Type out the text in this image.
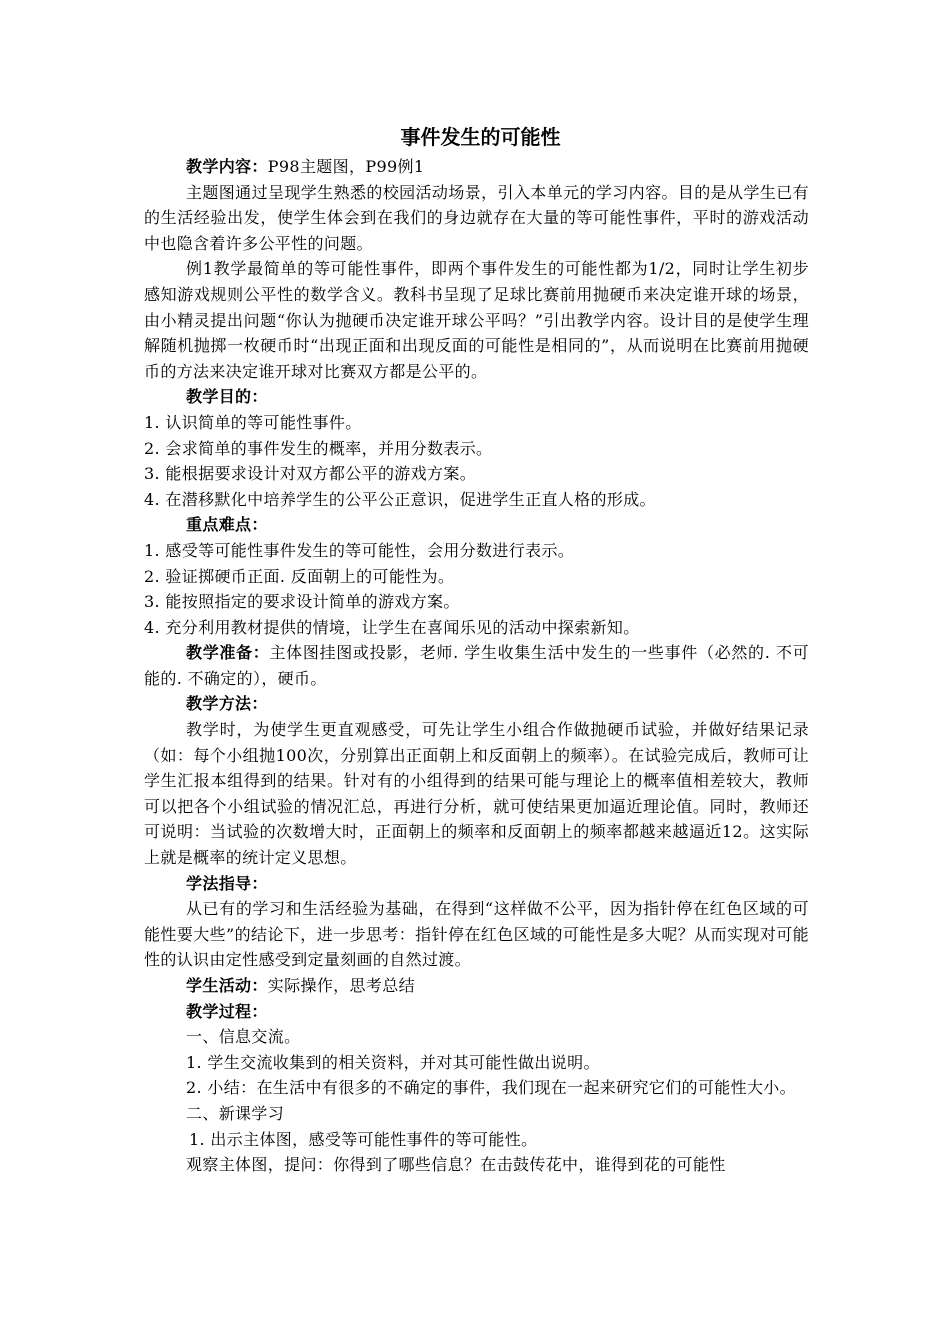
事件发生的可能性

教学内容：P98主题图，P99例1

主题图通过呈现学生熟悉的校园活动场景，引入本单元的学习内容。目的是从学生已有的生活经验出发，使学生体会到在我们的身边就存在大量的等可能性事件，平时的游戏活动中也隐含着许多公平性的问题。

例1教学最简单的等可能性事件，即两个事件发生的可能性都为1/2，同时让学生初步感知游戏规则公平性的数学含义。教科书呈现了足球比赛前用抛硬币来决定谁开球的场景，由小精灵提出问题“你认为抛硬币决定谁开球公平吗？”引出教学内容。设计目的是使学生理解随机抛掷一枚硬币时“出现正面和出现反面的可能性是相同的”，从而说明在比赛前用抛硬币的方法来决定谁开球对比赛双方都是公平的。

教学目的：

1. 认识简单的等可能性事件。

2. 会求简单的事件发生的概率，并用分数表示。

3. 能根据要求设计对双方都公平的游戏方案。

4. 在潜移默化中培养学生的公平公正意识，促进学生正直人格的形成。

重点难点：

1. 感受等可能性事件发生的等可能性，会用分数进行表示。

2. 验证掷硬币正面. 反面朝上的可能性为。

3. 能按照指定的要求设计简单的游戏方案。

4. 充分利用教材提供的情境，让学生在喜闻乐见的活动中探索新知。

教学准备：主体图挂图或投影，老师. 学生收集生活中发生的一些事件（必然的. 不可能的. 不确定的），硬币。

教学方法：

教学时，为使学生更直观感受，可先让学生小组合作做抛硬币试验，并做好结果记录（如：每个小组抛100次，分别算出正面朝上和反面朝上的频率）。在试验完成后，教师可让学生汇报本组得到的结果。针对有的小组得到的结果可能与理论上的概率值相差较大，教师可以把各个小组试验的情况汇总，再进行分析，就可使结果更加逼近理论值。同时，教师还可说明：当试验的次数增大时，正面朝上的频率和反面朝上的频率都越来越逼近12。这实际上就是概率的统计定义思想。

学法指导：

从已有的学习和生活经验为基础，在得到“这样做不公平，因为指针停在红色区域的可能性要大些”的结论下，进一步思考：指针停在红色区域的可能性是多大呢？从而实现对可能性的认识由定性感受到定量刻画的自然过渡。

学生活动：实际操作，思考总结

教学过程：

一、信息交流。

1. 学生交流收集到的相关资料，并对其可能性做出说明。

2. 小结：在生活中有很多的不确定的事件，我们现在一起来研究它们的可能性大小。

二、新课学习

1. 出示主体图，感受等可能性事件的等可能性。

观察主体图，提问：你得到了哪些信息？在击鼓传花中，谁得到花的可能性
